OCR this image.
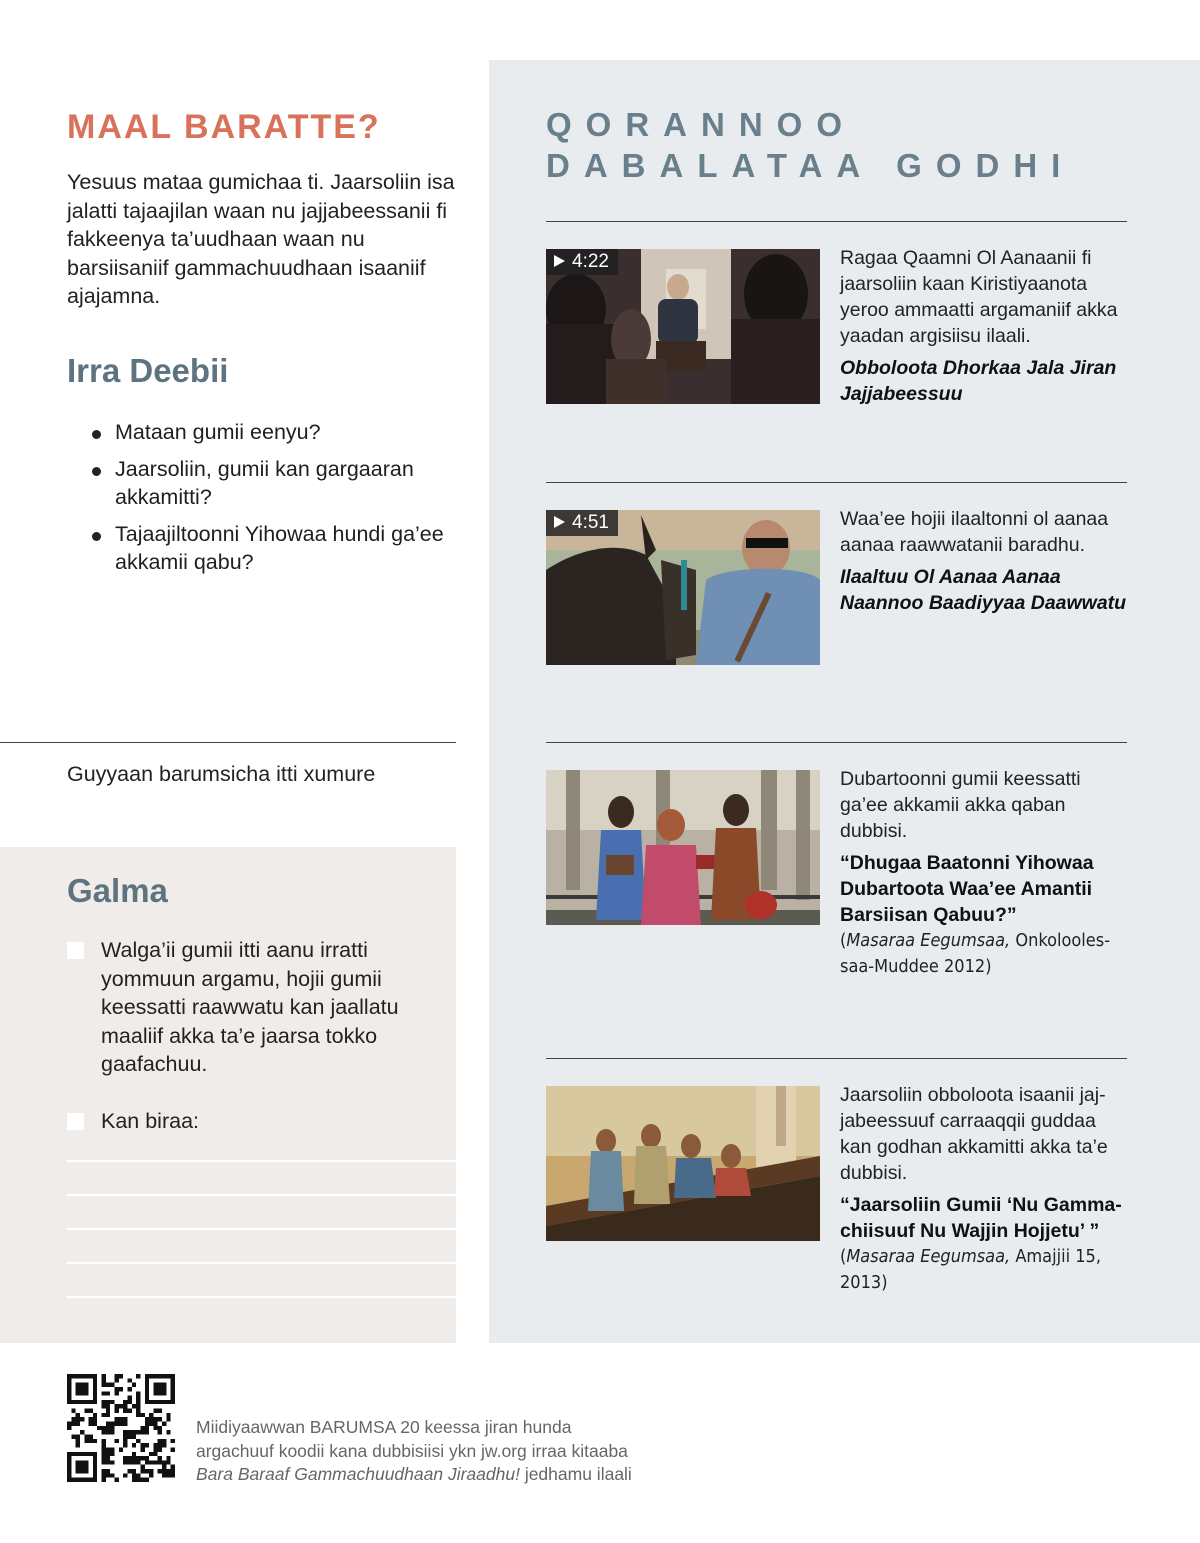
MAAL BARATTE?

Yesuus mataa gumichaa ti. Jaarsoliin isa jalatti tajaajilan waan nu jajjabeessanii fi fakkeenya ta’uudhaan waan nu barsiisaniif gammachuudhaan isaaniif ajajamna.

Irra Deebii
Mataan gumii eenyu?
Jaarsoliin, gumii kan gargaaran akkamitti?
Tajaajiltoonni Yihowaa hundi ga’ee akkamii qabu?
Guyyaan barumsicha itti xumure
Galma

Walga’ii gumii itti aanu irratti yommuun argamu, hojii gumii keessatti raawwatu kan jaallatu maaliif akka ta’e jaarsa tokko gaafachuu.

Kan biraa:

QORANNOO
DABALATAA GODHI
4:22	Ragaa Qaamni Ol Aanaanii fi jaarsoliin kaan Kiristiyaanota yeroo ammaatti argamaniif akka yaadan argisiisu ilaali.

Obboloota Dhorkaa Jala Jiran Jajjabeessuu

4:51	Waa’ee hojii ilaaltonni ol aanaa aanaa raawwatanii baradhu.

Ilaaltuu Ol Aanaa Aanaa Naannoo Baadiyyaa Daawwatu

Dubartoonni gumii keessatti ga’ee akkamii akka qaban dubbisi.

“Dhugaa Baatonni Yihowaa Dubartoota Waa’ee Amantii Barsiisan Qabuu?”

(Masaraa Eegumsaa, Onkoloolessaa-Muddee 2012)

Jaarsoliin obboloota isaanii jajjabeessuuf carraaqqii guddaa kan godhan akkamitti akka ta’e dubbisi.

“Jaarsoliin Gumii ‘Nu Gammachiisuuf Nu Wajjin Hojjetu’ ”

(Masaraa Eegumsaa, Amajjii 15, 2013)

Miidiyaawwan BARUMSA 20 keessa jiran hunda
argachuuf koodii kana dubbisiisi ykn jw.org irraa kitaaba
Bara Baraaf Gammachuudhaan Jiraadhu! jedhamu ilaali
